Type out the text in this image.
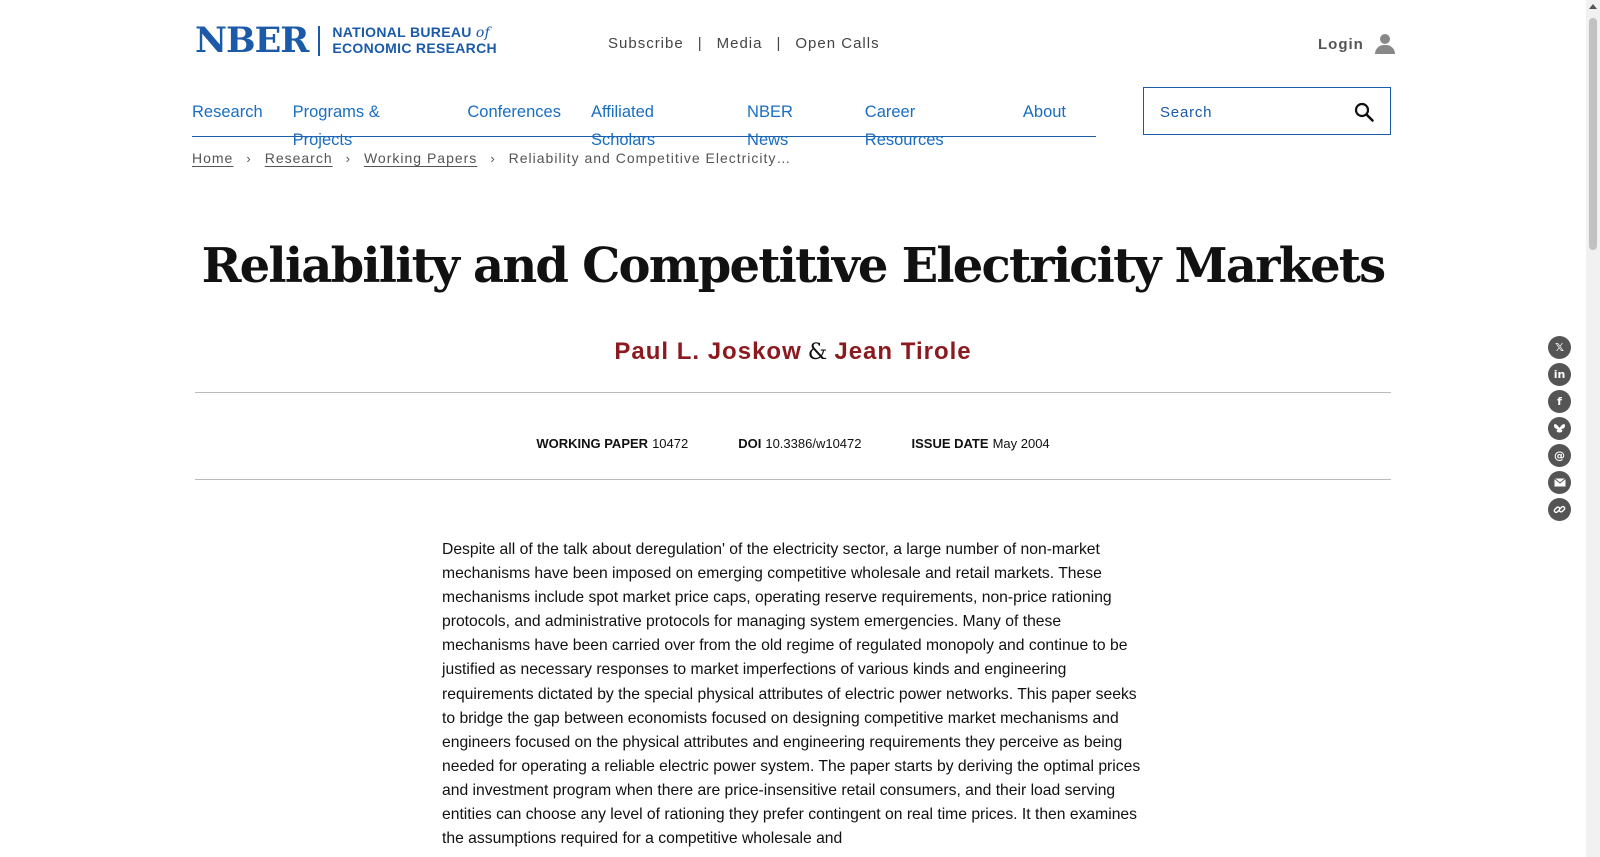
NBER NATIONAL BUREAU of
ECONOMIC RESEARCH	Subscribe | Media | Open Calls	Login
Research Programs & Projects
Conferences Affiliated Scholars
NBER News
Career Resources
About
Search
Home › Research › Working Papers › Reliability and Competitive Electricity…
Reliability and Competitive Electricity Markets
Paul L. Joskow & Jean Tirole
WORKING PAPER 10472	DOI 10.3386/w10472	ISSUE DATE May 2004

Despite all of the talk about deregulation' of the electricity sector, a large number of non-market mechanisms have been imposed on emerging competitive wholesale and retail markets. These mechanisms include spot market price caps, operating reserve requirements, non-price rationing protocols, and administrative protocols for managing system emergencies. Many of these mechanisms have been carried over from the old regime of regulated monopoly and continue to be justified as necessary responses to market imperfections of various kinds and engineering requirements dictated by the special physical attributes of electric power networks. This paper seeks to bridge the gap between economists focused on designing competitive market mechanisms and engineers focused on the physical attributes and engineering requirements they perceive as being needed for operating a reliable electric power system. The paper starts by deriving the optimal prices and investment program when there are price-insensitive retail consumers, and their load serving entities can choose any level of rationing they prefer contingent on real time prices. It then examines the assumptions required for a competitive wholesale and

𝕏
in
f
@
